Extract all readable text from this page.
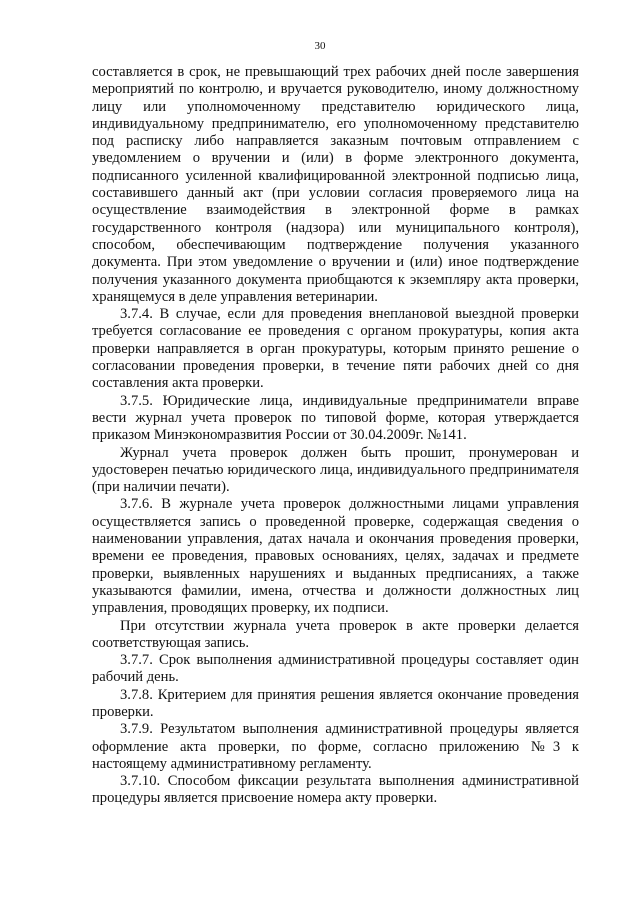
30

составляется в срок, не превышающий трех рабочих дней после завершения мероприятий по контролю, и вручается руководителю, иному должностному лицу или уполномоченному представителю юридического лица, индивидуальному предпринимателю, его уполномоченному представителю под расписку либо направляется заказным почтовым отправлением с уведомлением о вручении и (или) в форме электронного документа, подписанного усиленной квалифицированной электронной подписью лица, составившего данный акт (при условии согласия проверяемого лица на осуществление взаимодействия в электронной форме в рамках государственного контроля (надзора) или муниципального контроля), способом, обеспечивающим подтверждение получения указанного документа. При этом уведомление о вручении и (или) иное подтверждение получения указанного документа приобщаются к экземпляру акта проверки, хранящемуся в деле управления ветеринарии.

3.7.4. В случае, если для проведения внеплановой выездной проверки требуется согласование ее проведения с органом прокуратуры, копия акта проверки направляется в орган прокуратуры, которым принято решение о согласовании проведения проверки, в течение пяти рабочих дней со дня составления акта проверки.

3.7.5. Юридические лица, индивидуальные предприниматели вправе вести журнал учета проверок по типовой форме, которая утверждается приказом Минэкономразвития России от 30.04.2009г. №141.

Журнал учета проверок должен быть прошит, пронумерован и удостоверен печатью юридического лица, индивидуального предпринимателя (при наличии печати).

3.7.6. В журнале учета проверок должностными лицами управления осуществляется запись о проведенной проверке, содержащая сведения о наименовании управления, датах начала и окончания проведения проверки, времени ее проведения, правовых основаниях, целях, задачах и предмете проверки, выявленных нарушениях и выданных предписаниях, а также указываются фамилии, имена, отчества и должности должностных лиц управления, проводящих проверку, их подписи.

При отсутствии журнала учета проверок в акте проверки делается соответствующая запись.

3.7.7. Срок выполнения административной процедуры составляет один рабочий день.

3.7.8. Критерием для принятия решения является окончание проведения проверки.

3.7.9. Результатом выполнения административной процедуры является оформление акта проверки, по форме, согласно приложению №3 к настоящему административному регламенту.

3.7.10. Способом фиксации результата выполнения административной процедуры является присвоение номера акту проверки.
